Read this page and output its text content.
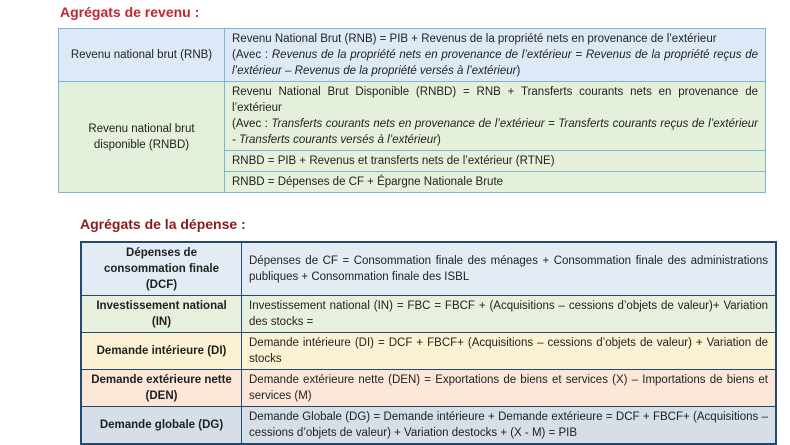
Agrégats de revenu :
Revenu national brut (RNB)	Revenu National Brut (RNB) = PIB + Revenus de la propriété nets en provenance de l’extérieur
(Avec : Revenus de la propriété nets en provenance de l’extérieur = Revenus de la propriété reçus de l’extérieur – Revenus de la propriété versés à l’extérieur)
Revenu national brut disponible (RNBD)	Revenu National Brut Disponible (RNBD) = RNB + Transferts courants nets en provenance de l’extérieur
(Avec : Transferts courants nets en provenance de l’extérieur = Transferts courants reçus de l’extérieur - Transferts courants versés à l’extérieur)
	RNBD = PIB + Revenus et transferts nets de l’extérieur (RTNE)
	RNBD = Dépenses de CF + Épargne Nationale Brute
Agrégats de la dépense :
Dépenses de consommation finale (DCF)	Dépenses de CF = Consommation finale des ménages + Consommation finale des administrations publiques + Consommation finale des ISBL
Investissement national (IN)	Investissement national (IN) = FBC = FBCF + (Acquisitions – cessions d’objets de valeur)+ Variation des stocks =
Demande intérieure (DI)	Demande intérieure (DI) = DCF + FBCF+ (Acquisitions – cessions d’objets de valeur) + Variation de stocks
Demande extérieure nette (DEN)	Demande extérieure nette (DEN) = Exportations de biens et services (X) – Importations de biens et services (M)
Demande globale (DG)	Demande Globale (DG) = Demande intérieure + Demande extérieure = DCF + FBCF+ (Acquisitions – cessions d’objets de valeur) + Variation destocks + (X - M) = PIB
